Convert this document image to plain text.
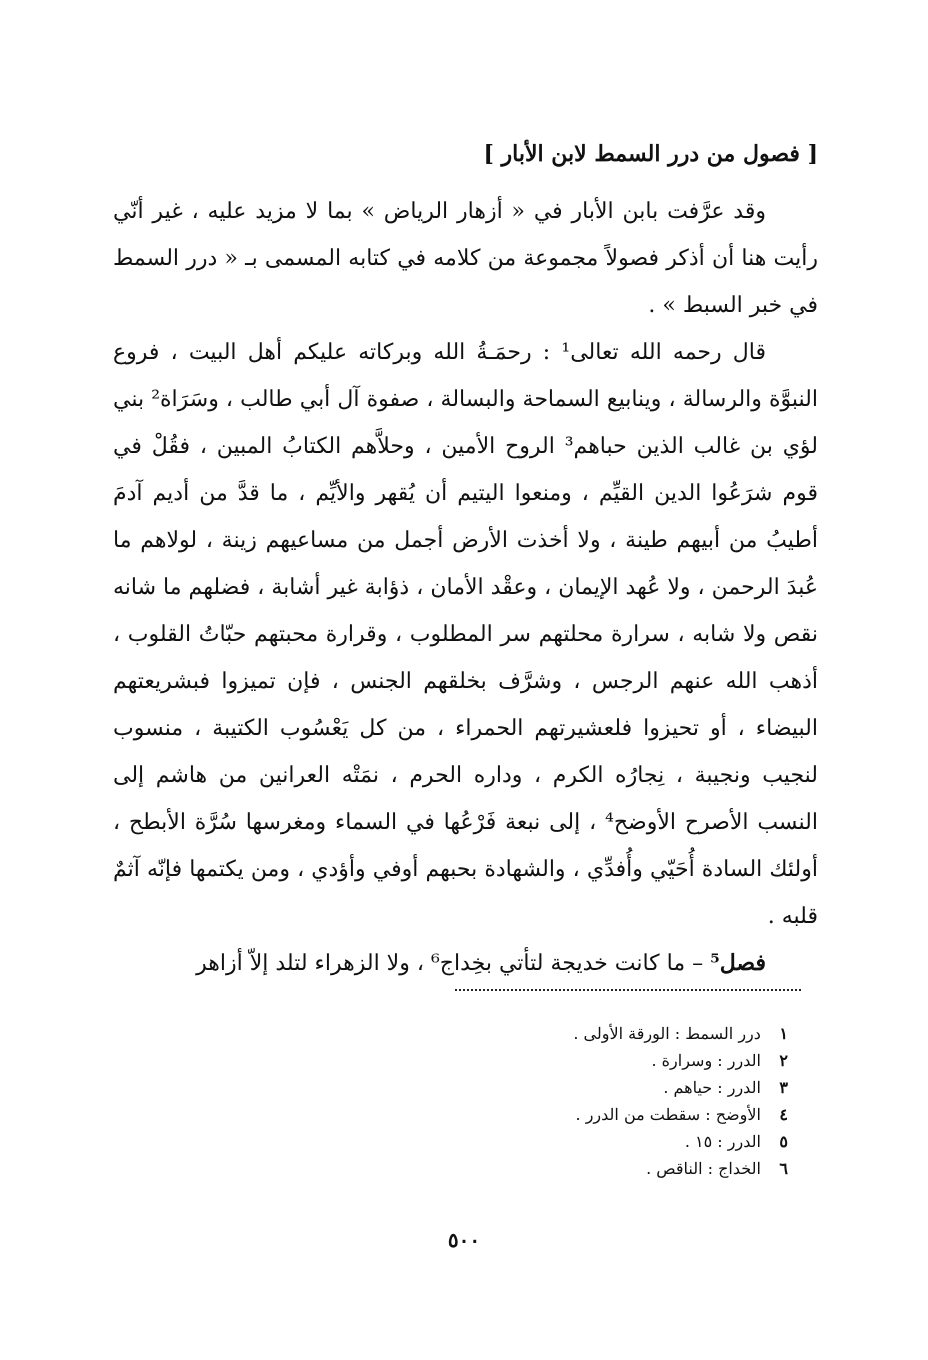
[ فصول من درر السمط لابن الأبار ]

وقد عرَّفت بابن الأبار في « أزهار الرياض » بما لا مزيد عليه ، غير أنّي رأيت هنا أن أذكر فصولاً مجموعة من كلامه في كتابه المسمى بـ « درر السمط في خبر السبط » .

قال رحمه الله تعالى¹ : رحمَـةُ الله وبركاته عليكم أهل البيت ، فروع النبوَّة والرسالة ، وينابيع السماحة والبسالة ، صفوة آل أبي طالب ، وسَرَاة² بني لؤي بن غالب الذين حباهم³ الروح الأمين ، وحلاَّهم الكتابُ المبين ، فقُلْ في قوم شرَعُوا الدين القيِّم ، ومنعوا اليتيم أن يُقهر والأيِّم ، ما قدَّ من أديم آدمَ أطيبُ من أبيهم طينة ، ولا أخذت الأرض أجمل من مساعيهم زينة ، لولاهم ما عُبدَ الرحمن ، ولا عُهد الإيمان ، وعقْد الأمان ، ذؤابة غير أشابة ، فضلهم ما شانه نقص ولا شابه ، سرارة محلتهم سر المطلوب ، وقرارة محبتهم حبّاتُ القلوب ، أذهب الله عنهم الرجس ، وشرَّف بخلقهم الجنس ، فإن تميزوا فبشريعتهم البيضاء ، أو تحيزوا فلعشيرتهم الحمراء ، من كل يَعْسُوب الكتيبة ، منسوب لنجيب ونجيبة ، نِجارُه الكرم ، وداره الحرم ، نمَتْه العرانين من هاشم إلى النسب الأصرح الأوضح⁴ ، إلى نبعة فَرْعُها في السماء ومغرسها سُرَّة الأبطح ، أولئك السادة أُحَيّي وأُفدِّي ، والشهادة بحبهم أوفي وأؤدي ، ومن يكتمها فإنّه آثمٌ قلبه .

فصل⁵ – ما كانت خديجة لتأتي بخِداج⁶ ، ولا الزهراء لتلد إلاّ أزاهر

١ درر السمط : الورقة الأولى .
٢ الدرر : وسرارة .
٣ الدرر : حياهم .
٤ الأوضح : سقطت من الدرر .
٥ الدرر : ١٥ .
٦ الخداج : الناقص .
٥٠٠
